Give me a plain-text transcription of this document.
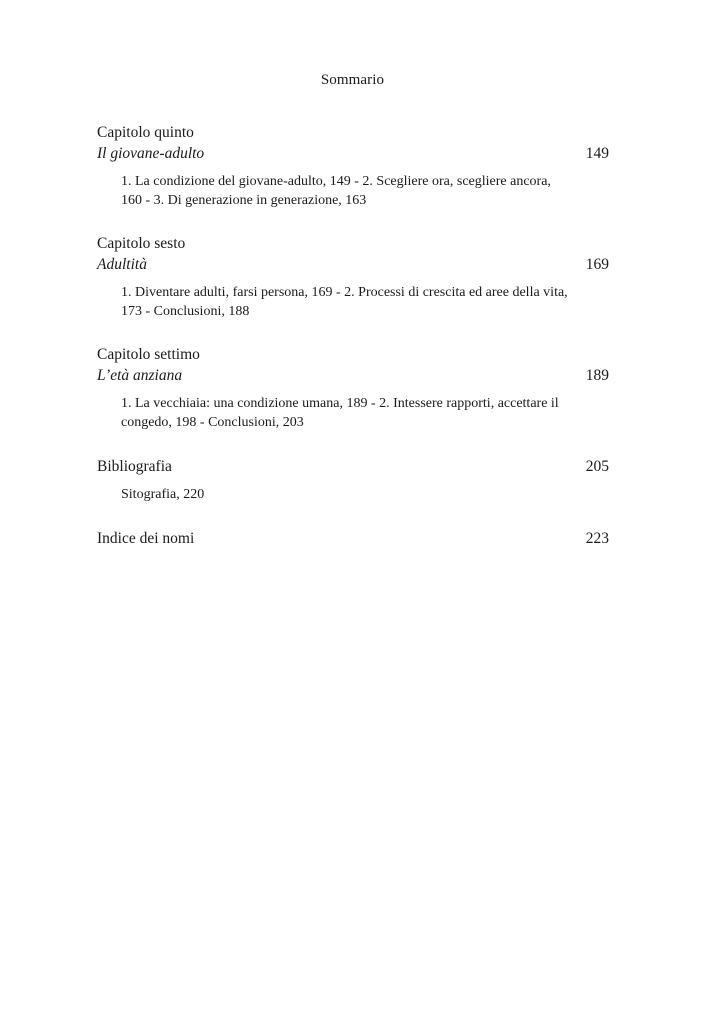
Sommario
Capitolo quinto
Il giovane-adulto	149

1. La condizione del giovane-adulto, 149 - 2. Scegliere ora, scegliere ancora,

160 - 3. Di generazione in generazione, 163

Capitolo sesto
Adultità	169

1. Diventare adulti, farsi persona, 169 - 2. Processi di crescita ed aree della vita,

173 - Conclusioni, 188

Capitolo settimo
L’età anziana	189

1. La vecchiaia: una condizione umana, 189 - 2. Intessere rapporti, accettare il

congedo, 198 - Conclusioni, 203

Bibliografia	205

Sitografia, 220

Indice dei nomi	223
